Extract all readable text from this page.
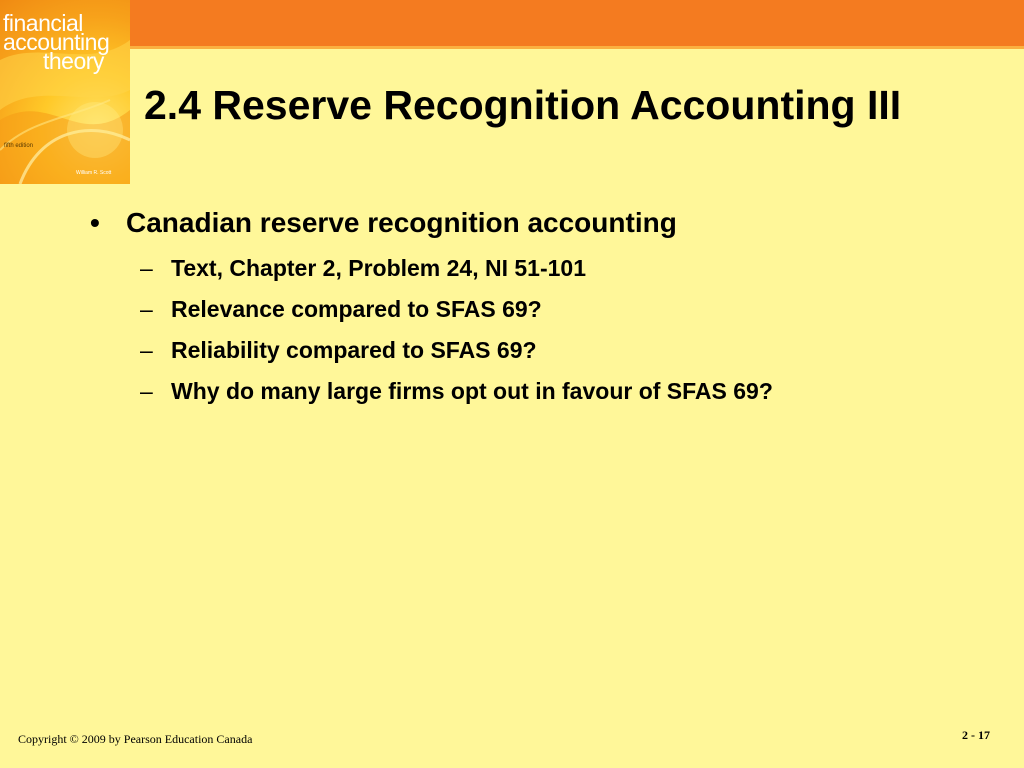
financial
accounting
theory
fifth edition
William R. Scott
2.4 Reserve Recognition Accounting III
• Canadian reserve recognition accounting
– Text, Chapter 2, Problem 24, NI 51-101
– Relevance compared to SFAS 69?
– Reliability compared to SFAS 69?
– Why do many large firms opt out in favour of SFAS 69?
Copyright © 2009 by Pearson Education Canada	2 - 17
